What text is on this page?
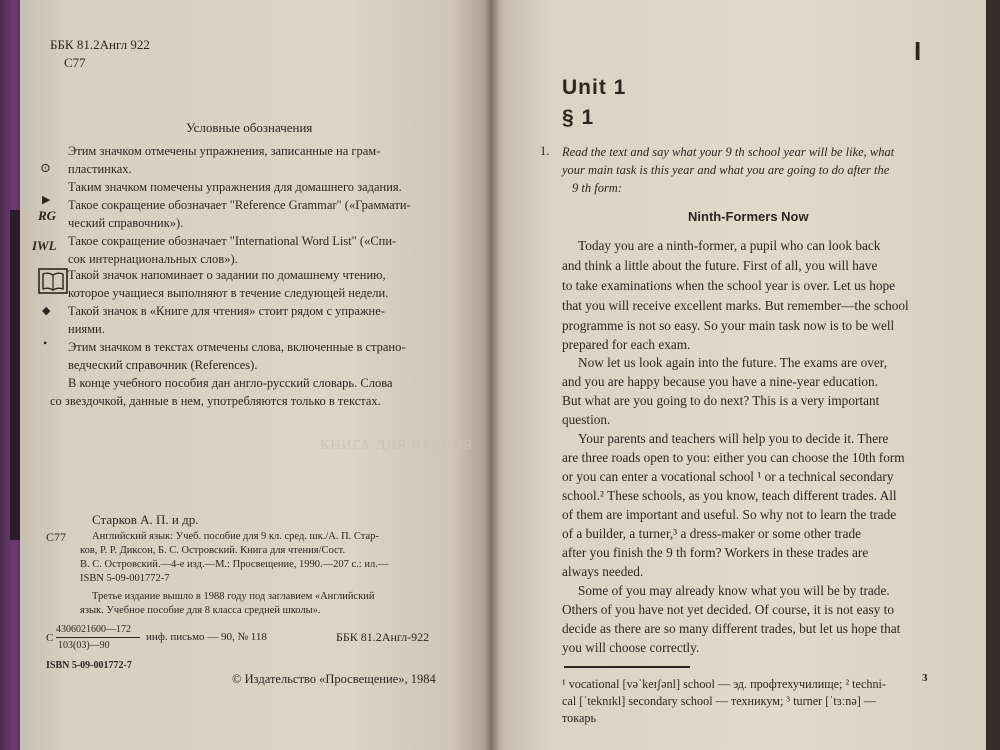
ББК 81.2Англ 922
С77
Условные обозначения
⊙
Этим значком отмечены упражнения, записанные на грам-
пластинках.
▶
Таким значком помечены упражнения для домашнего задания.
RG
Такое сокращение обозначает "Reference Grammar" («Граммати-
ческий справочник»).
IWL Такое сокращение обозначает "International Word List" («Спи-
сок интернациональных слов»).
Такой значок напоминает о задании по домашнему чтению,
которое учащиеся выполняют в течение следующей недели.
◆ Такой значок в «Книге для чтения» стоит рядом с упражне-
ниями.
• Этим значком в текстах отмечены слова, включенные в страно-
ведческий справочник (References).
В конце учебного пособия дан англо-русский словарь. Слова
со звездочкой, данные в нем, употребляются только в текстах.
КНИГА ДЛЯ ЧТЕНИЯ
Старков А. П. и др.
С77 Английский язык: Учеб. пособие для 9 кл. сред. шк./А. П. Стар-
ков, Р. Р. Диксон, Б. С. Островский. Книга для чтения/Сост.
В. С. Островский.—4-е изд.—М.: Просвещение, 1990.—207 с.: ил.—
ISBN 5-09-001772-7
Третье издание вышло в 1988 году под заглавием «Английский
язык. Учебное пособие для 8 класса средней школы».
С
4306021600—172
103(03)—90
инф. письмо — 90, № 118	ББК 81.2Англ-922
ISBN 5-09-001772-7
© Издательство «Просвещение», 1984
I
Unit 1
§ 1
1. Read the text and say what your 9 th school year will be like, what
your main task is this year and what you are going to do after the
9 th form:
Ninth-Formers Now
Today you are a ninth-former, a pupil who can look back
and think a little about the future. First of all, you will have
to take examinations when the school year is over. Let us hope
that you will receive excellent marks. But remember—the school
programme is not so easy. So your main task now is to be well
prepared for each exam.
Now let us look again into the future. The exams are over,
and you are happy because you have a nine-year education.
But what are you going to do next? This is a very important
question.
Your parents and teachers will help you to decide it. There
are three roads open to you: either you can choose the 10th form
or you can enter a vocational school ¹ or a technical secondary
school.² These schools, as you know, teach different trades. All
of them are important and useful. So why not to learn the trade
of a builder, a turner,³ a dress-maker or some other trade
after you finish the 9 th form? Workers in these trades are
always needed.
Some of you may already know what you will be by trade.
Others of you have not yet decided. Of course, it is not easy to
decide as there are so many different trades, but let us hope that
you will choose correctly.
¹ vocational [vəˈkeɪʃənl] school — эд. профтехучилище; ² techni-
cal [ˈteknɪkl] secondary school — техникум; ³ turner [ˈtɜːnə] —
токарь
3
